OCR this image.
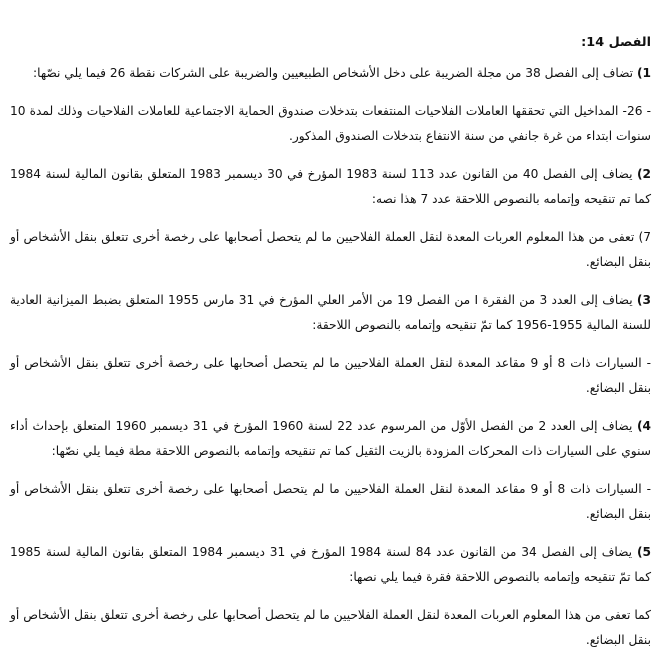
الفصل 14:

1) تضاف إلى الفصل 38 من مجلة الضريبة على دخل الأشخاص الطبيعيين والضريبة على الشركات نقطة 26 فيما يلي نصّها:

- 26- المداخيل التي تحققها العاملات الفلاحيات المنتفعات بتدخلات صندوق الحماية الاجتماعية للعاملات الفلاحيات وذلك لمدة 10 سنوات ابتداء من غرة جانفي من سنة الانتفاع بتدخلات الصندوق المذكور.

2) يضاف إلى الفصل 40 من القانون عدد 113 لسنة 1983 المؤرخ في 30 ديسمبر 1983 المتعلق بقانون المالية لسنة 1984 كما تم تنقيحه وإتمامه بالنصوص اللاحقة عدد 7 هذا نصه:

7) تعفى من هذا المعلوم العربات المعدة لنقل العملة الفلاحيين ما لم يتحصل أصحابها على رخصة أخرى تتعلق بنقل الأشخاص أو بنقل البضائع.

3) يضاف إلى العدد 3 من الفقرة I من الفصل 19 من الأمر العلي المؤرخ في 31 مارس 1955 المتعلق بضبط الميزانية العادية للسنة المالية 1955-1956 كما تمّ تنقيحه وإتمامه بالنصوص اللاحقة:

- السيارات ذات 8 أو 9 مقاعد المعدة لنقل العملة الفلاحيين ما لم يتحصل أصحابها على رخصة أخرى تتعلق بنقل الأشخاص أو بنقل البضائع.

4) يضاف إلى العدد 2 من الفصل الأوّل من المرسوم عدد 22 لسنة 1960 المؤرخ في 31 ديسمبر 1960 المتعلق بإحداث أداء سنوي على السيارات ذات المحركات المزودة بالزيت الثقيل كما تم تنقيحه وإتمامه بالنصوص اللاحقة مطة فيما يلي نصّها:

- السيارات ذات 8 أو 9 مقاعد المعدة لنقل العملة الفلاحيين ما لم يتحصل أصحابها على رخصة أخرى تتعلق بنقل الأشخاص أو بنقل البضائع.

5) يضاف إلى الفصل 34 من القانون عدد 84 لسنة 1984 المؤرخ في 31 ديسمبر 1984 المتعلق بقانون المالية لسنة 1985 كما تمّ تنقيحه وإتمامه بالنصوص اللاحقة فقرة فيما يلي نصها:

كما تعفى من هذا المعلوم العربات المعدة لنقل العملة الفلاحيين ما لم يتحصل أصحابها على رخصة أخرى تتعلق بنقل الأشخاص أو بنقل البضائع.
